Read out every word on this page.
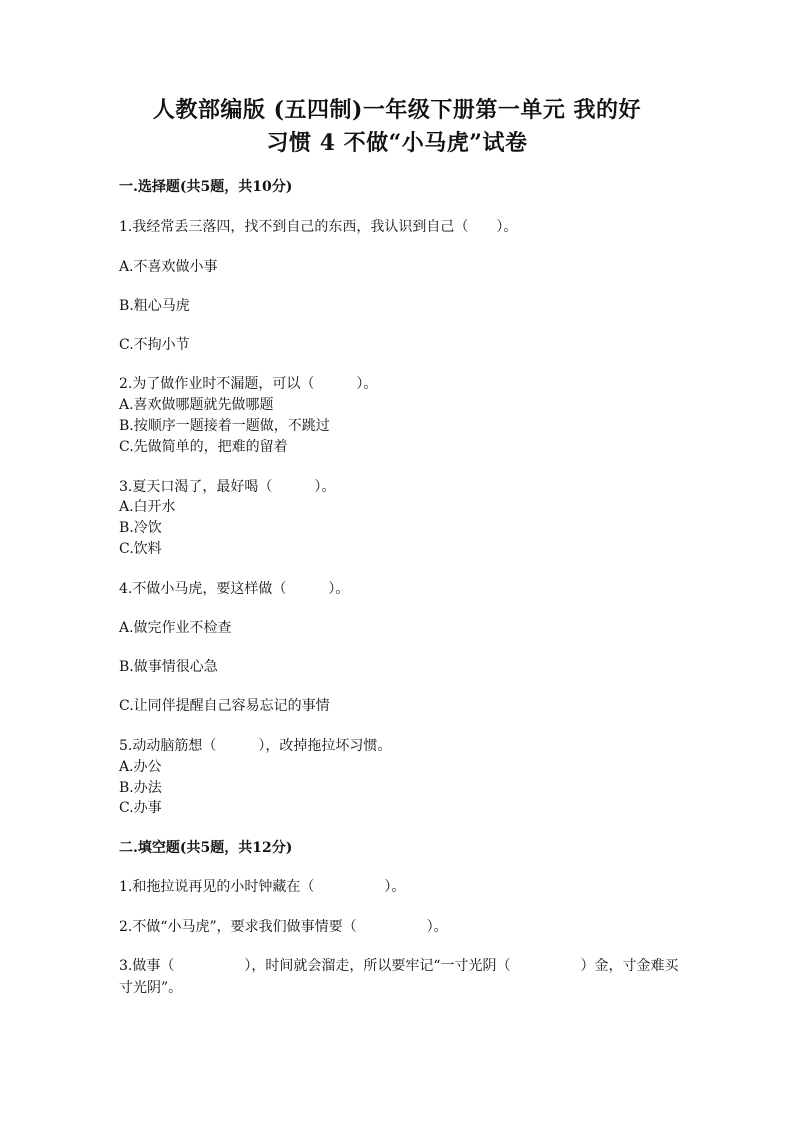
人教部编版 (五四制)一年级下册第一单元 我的好
习惯 4 不做“小马虎”试卷
一.选择题(共5题，共10分)
1.我经常丢三落四，找不到自己的东西，我认识到自己（　　）。
A.不喜欢做小事
B.粗心马虎
C.不拘小节
2.为了做作业时不漏题，可以（　　　）。
A.喜欢做哪题就先做哪题
B.按顺序一题接着一题做，不跳过
C.先做简单的，把难的留着
3.夏天口渴了，最好喝（　　　）。
A.白开水
B.冷饮
C.饮料
4.不做小马虎，要这样做（　　　）。
A.做完作业不检查
B.做事情很心急
C.让同伴提醒自己容易忘记的事情
5.动动脑筋想（　　　），改掉拖拉坏习惯。
A.办公
B.办法
C.办事
二.填空题(共5题，共12分)
1.和拖拉说再见的小时钟藏在（　　　　　）。
2.不做“小马虎”，要求我们做事情要（　　　　　）。
3.做事（　　　　　），时间就会溜走，所以要牢记“一寸光阴（　　　　　）金，寸金难买寸光阴”。
